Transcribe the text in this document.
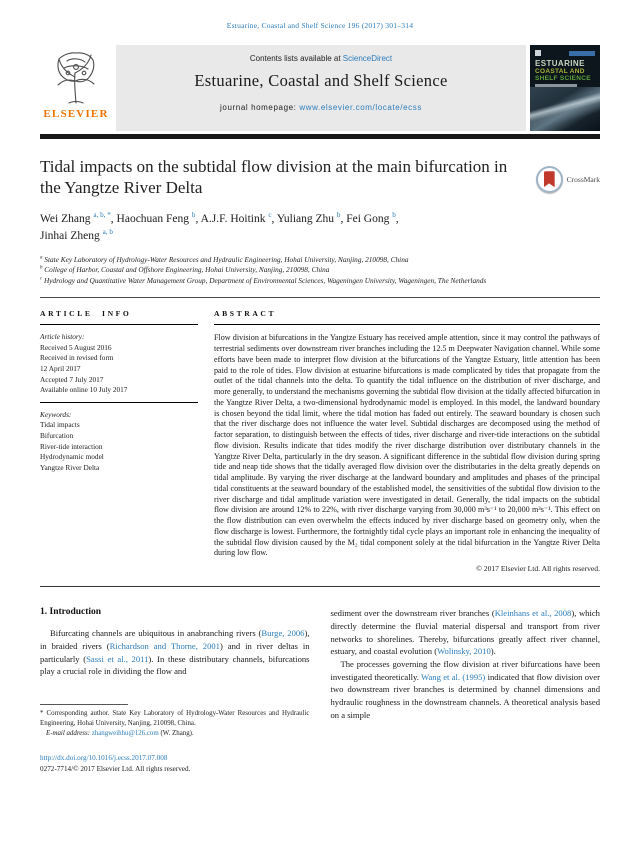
Estuarine, Coastal and Shelf Science 196 (2017) 301–314
ELSEVIER
Contents lists available at ScienceDirect
Estuarine, Coastal and Shelf Science
journal homepage: www.elsevier.com/locate/ecss
ESTUARINE
COASTAL AND
SHELF SCIENCE
Tidal impacts on the subtidal flow division at the main bifurcation in the Yangtze River Delta	CrossMark
Wei Zhang $^{a, b, *}$, Haochuan Feng $^b$, A.J.F. Hoitink $^c$, Yuliang Zhu $^b$, Fei Gong $^b$,
Jinhai Zheng $^{a, b}$
$^a$ State Key Laboratory of Hydrology-Water Resources and Hydraulic Engineering, Hohai University, Nanjing, 210098, China
$^b$ College of Harbor, Coastal and Offshore Engineering, Hohai University, Nanjing, 210098, China
$^c$ Hydrology and Quantitative Water Management Group, Department of Environmental Sciences, Wageningen University, Wageningen, The Netherlands
ARTICLE INFO
Article history:
Received 5 August 2016
Received in revised form
12 April 2017
Accepted 7 July 2017
Available online 10 July 2017
Keywords:
Tidal impacts
Bifurcation
River-tide interaction
Hydrodynamic model
Yangtze River Delta
ABSTRACT

Flow division at bifurcations in the Yangtze Estuary has received ample attention, since it may control the pathways of terrestrial sediments over downstream river branches including the 12.5 m Deepwater Navigation channel. While some efforts have been made to interpret flow division at the bifurcations of the Yangtze Estuary, little attention has been paid to the role of tides. Flow division at estuarine bifurcations is made complicated by tides that propagate from the outlet of the tidal channels into the delta. To quantify the tidal influence on the distribution of river discharge, and more generally, to understand the mechanisms governing the subtidal flow division at the tidally affected bifurcation in the Yangtze River Delta, a two-dimensional hydrodynamic model is employed. In this model, the landward boundary is chosen beyond the tidal limit, where the tidal motion has faded out entirely. The seaward boundary is chosen such that the river discharge does not influence the water level. Subtidal discharges are decomposed using the method of factor separation, to distinguish between the effects of tides, river discharge and river-tide interactions on the subtidal flow division. Results indicate that tides modify the river discharge distribution over distributary channels in the Yangtze River Delta, particularly in the dry season. A significant difference in the subtidal flow division during spring tide and neap tide shows that the tidally averaged flow division over the distributaries in the delta greatly depends on tidal amplitude. By varying the river discharge at the landward boundary and amplitudes and phases of the principal tidal constituents at the seaward boundary of the established model, the sensitivities of the subtidal flow division to the river discharge and tidal amplitude variation were investigated in detail. Generally, the tidal impacts on the subtidal flow division are around 12% to 22%, with river discharge varying from 30,000 m³s⁻¹ to 20,000 m³s⁻¹. This effect on the flow distribution can even overwhelm the effects induced by river discharge based on geometry only, when the flow discharge is lowest. Furthermore, the fortnightly tidal cycle plays an important role in enhancing the inequality of the subtidal flow division caused by the M₂ tidal component solely at the tidal bifurcation in the Yangtze River Delta during low flow.

© 2017 Elsevier Ltd. All rights reserved.
1. Introduction

Bifurcating channels are ubiquitous in anabranching rivers (Burge, 2006), in braided rivers (Richardson and Thorne, 2001) and in river deltas in particularly (Sassi et al., 2011). In these distributary channels, bifurcations play a crucial role in dividing the flow and

* Corresponding author. State Key Laboratory of Hydrology-Water Resources and Hydraulic Engineering, Hohai University, Nanjing, 210098, China.

E-mail address: zhangweihhu@126.com (W. Zhang).

http://dx.doi.org/10.1016/j.ecss.2017.07.008
0272-7714/© 2017 Elsevier Ltd. All rights reserved.

sediment over the downstream river branches (Kleinhans et al., 2008), which directly determine the fluvial material dispersal and transport from river networks to shorelines. Thereby, bifurcations greatly affect river channel, estuary, and coastal evolution (Wolinsky, 2010).

The processes governing the flow division at river bifurcations have been investigated theoretically. Wang et al. (1995) indicated that flow division over two downstream river branches is determined by channel dimensions and hydraulic roughness in the downstream channels. A theoretical analysis based on a simple
